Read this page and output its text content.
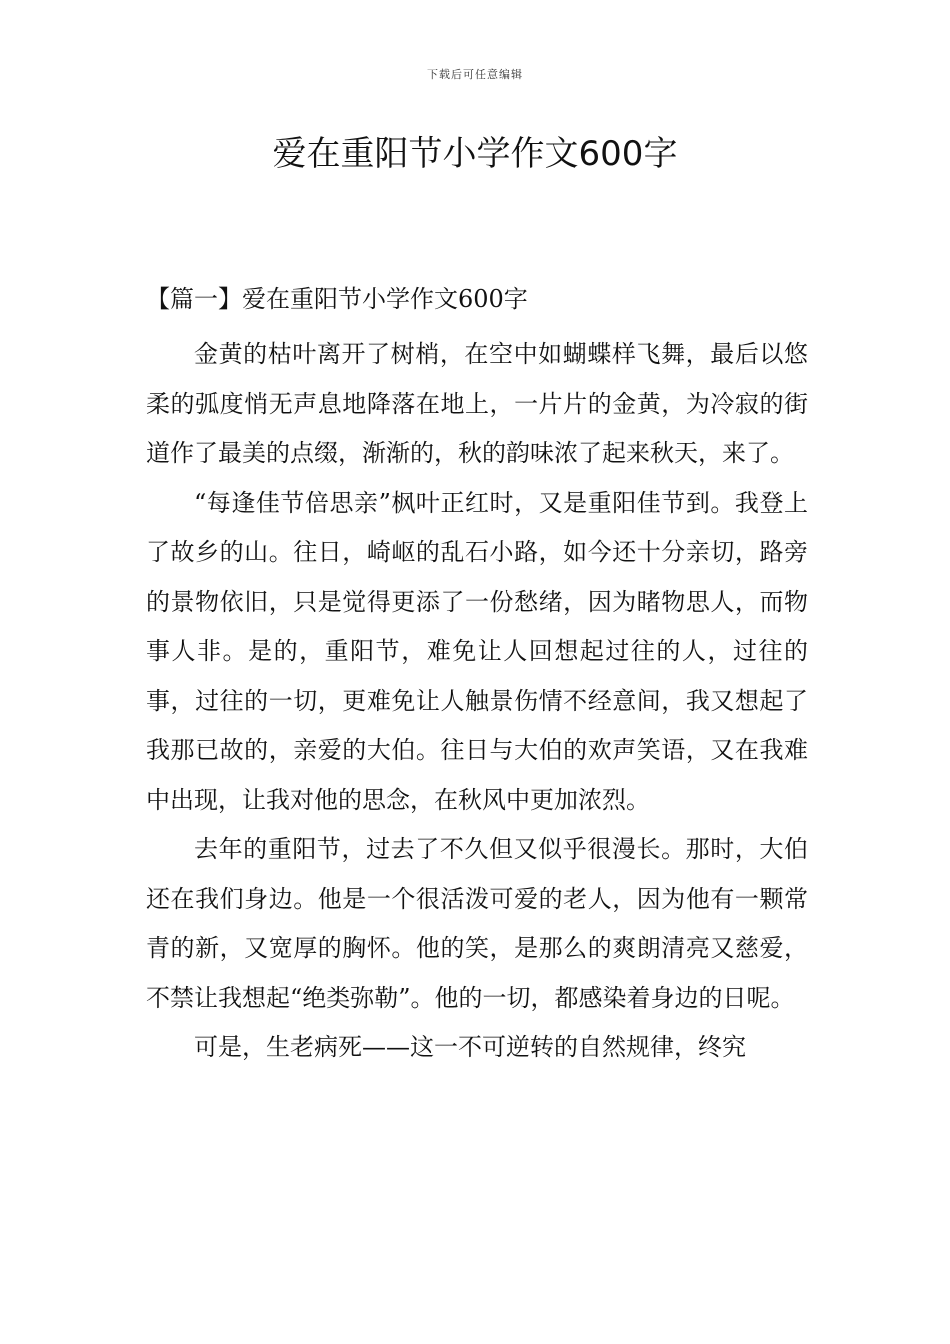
下载后可任意编辑
爱在重阳节小学作文600字

【篇一】爱在重阳节小学作文600字

金黄的枯叶离开了树梢，在空中如蝴蝶样飞舞，最后以悠柔的弧度悄无声息地降落在地上，一片片的金黄，为冷寂的街道作了最美的点缀，渐渐的，秋的韵味浓了起来秋天，来了。

“每逢佳节倍思亲”枫叶正红时，又是重阳佳节到。我登上了故乡的山。往日，崎岖的乱石小路，如今还十分亲切，路旁的景物依旧，只是觉得更添了一份愁绪，因为睹物思人，而物事人非。是的，重阳节，难免让人回想起过往的人，过往的事，过往的一切，更难免让人触景伤情不经意间，我又想起了我那已故的，亲爱的大伯。往日与大伯的欢声笑语，又在我难中出现，让我对他的思念，在秋风中更加浓烈。

去年的重阳节，过去了不久但又似乎很漫长。那时，大伯还在我们身边。他是一个很活泼可爱的老人，因为他有一颗常青的新，又宽厚的胸怀。他的笑，是那么的爽朗清亮又慈爱，不禁让我想起“绝类弥勒”。他的一切，都感染着身边的日呢。

可是，生老病死——这一不可逆转的自然规律，终究
